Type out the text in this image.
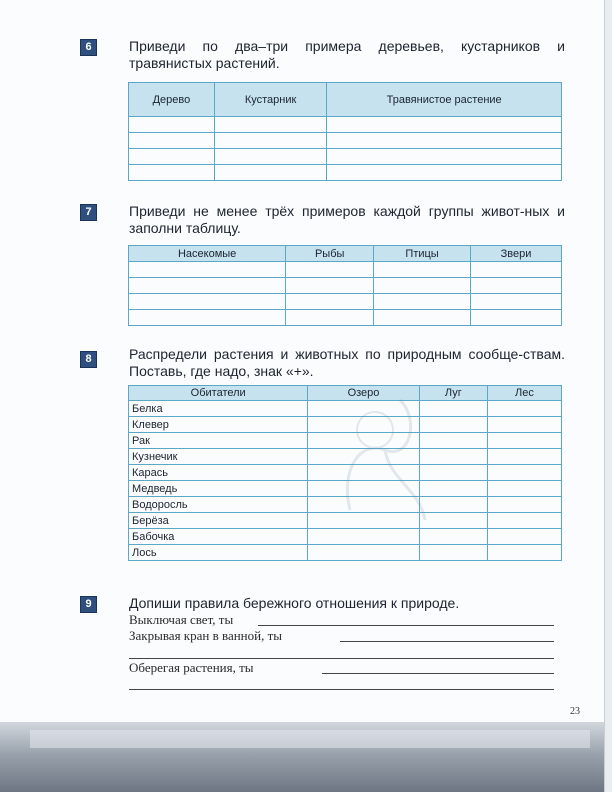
6	Приведи по два–три примера деревьев, кустарников и травянистых растений.
Дерево	Кустарник	Травянистое растение

7	Приведи не менее трёх примеров каждой группы живот-ных и заполни таблицу.
Насекомые	Рыбы	Птицы	Звери

8	Распредели растения и животных по природным сообще-ствам. Поставь, где надо, знак «+».
Обитатели	Озеро	Луг	Лес
Белка			
Клевер			
Рак			
Кузнечик			
Карась			
Медведь			
Водоросль			
Берёза			
Бабочка			
Лось			
9	Допиши правила бережного отношения к природе.
Выключая свет, ты
Закрывая кран в ванной, ты
Оберегая растения, ты
23
